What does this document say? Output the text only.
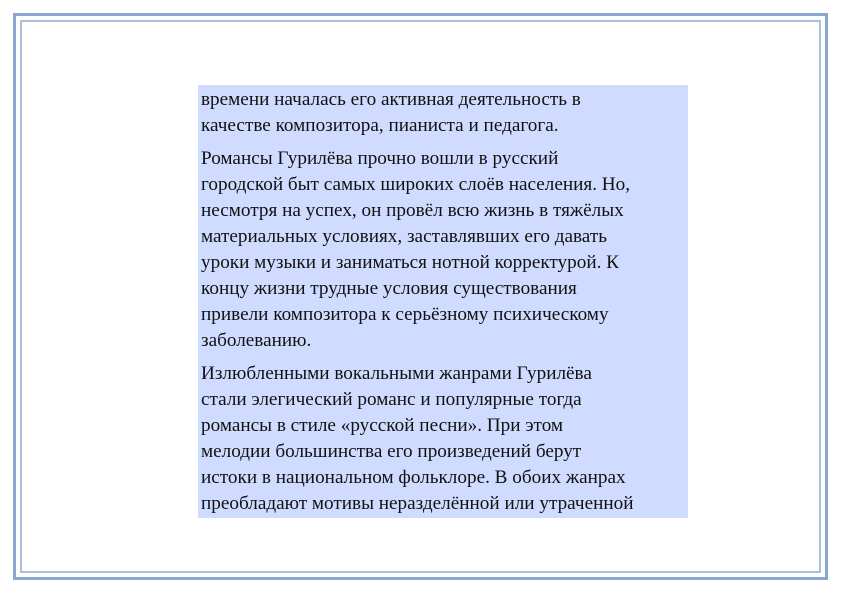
времени началась его активная деятельность в
качестве композитора, пианиста и педагога.

Романсы Гурилёва прочно вошли в русский
городской быт самых широких слоёв населения. Но,
несмотря на успех, он провёл всю жизнь в тяжёлых
материальных условиях, заставлявших его давать
уроки музыки и заниматься нотной корректурой. К
концу жизни трудные условия существования
привели композитора к серьёзному психическому
заболеванию.

Излюбленными вокальными жанрами Гурилёва
стали элегический романс и популярные тогда
романсы в стиле «русской песни». При этом
мелодии большинства его произведений берут
истоки в национальном фольклоре. В обоих жанрах
преобладают мотивы неразделённой или утраченной
